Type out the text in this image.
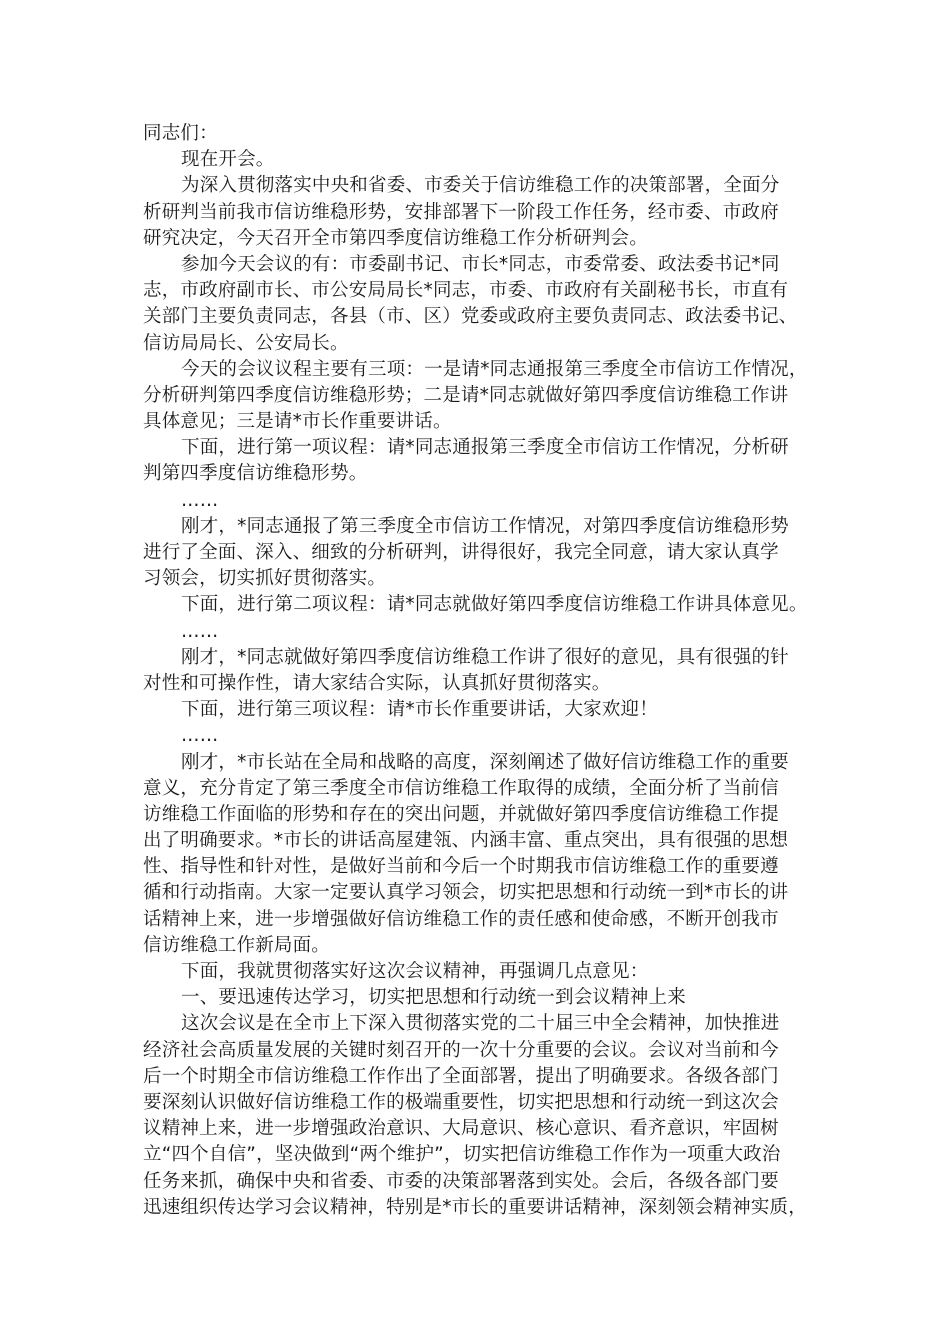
同志们：
现在开会。
为深入贯彻落实中央和省委、市委关于信访维稳工作的决策部署，全面分
析研判当前我市信访维稳形势，安排部署下一阶段工作任务，经市委、市政府
研究决定，今天召开全市第四季度信访维稳工作分析研判会。
参加今天会议的有：市委副书记、市长*同志，市委常委、政法委书记*同
志，市政府副市长、市公安局局长*同志，市委、市政府有关副秘书长，市直有
关部门主要负责同志，各县（市、区）党委或政府主要负责同志、政法委书记、
信访局局长、公安局长。
今天的会议议程主要有三项：一是请*同志通报第三季度全市信访工作情况，
分析研判第四季度信访维稳形势；二是请*同志就做好第四季度信访维稳工作讲
具体意见；三是请*市长作重要讲话。
下面，进行第一项议程：请*同志通报第三季度全市信访工作情况，分析研
判第四季度信访维稳形势。
……
刚才，*同志通报了第三季度全市信访工作情况，对第四季度信访维稳形势
进行了全面、深入、细致的分析研判，讲得很好，我完全同意，请大家认真学
习领会，切实抓好贯彻落实。
下面，进行第二项议程：请*同志就做好第四季度信访维稳工作讲具体意见。
……
刚才，*同志就做好第四季度信访维稳工作讲了很好的意见，具有很强的针
对性和可操作性，请大家结合实际，认真抓好贯彻落实。
下面，进行第三项议程：请*市长作重要讲话，大家欢迎！
……
刚才，*市长站在全局和战略的高度，深刻阐述了做好信访维稳工作的重要
意义，充分肯定了第三季度全市信访维稳工作取得的成绩，全面分析了当前信
访维稳工作面临的形势和存在的突出问题，并就做好第四季度信访维稳工作提
出了明确要求。*市长的讲话高屋建瓴、内涵丰富、重点突出，具有很强的思想
性、指导性和针对性，是做好当前和今后一个时期我市信访维稳工作的重要遵
循和行动指南。大家一定要认真学习领会，切实把思想和行动统一到*市长的讲
话精神上来，进一步增强做好信访维稳工作的责任感和使命感，不断开创我市
信访维稳工作新局面。
下面，我就贯彻落实好这次会议精神，再强调几点意见：
一、要迅速传达学习，切实把思想和行动统一到会议精神上来
这次会议是在全市上下深入贯彻落实党的二十届三中全会精神，加快推进
经济社会高质量发展的关键时刻召开的一次十分重要的会议。会议对当前和今
后一个时期全市信访维稳工作作出了全面部署，提出了明确要求。各级各部门
要深刻认识做好信访维稳工作的极端重要性，切实把思想和行动统一到这次会
议精神上来，进一步增强政治意识、大局意识、核心意识、看齐意识，牢固树
立“四个自信”，坚决做到“两个维护”，切实把信访维稳工作作为一项重大政治
任务来抓，确保中央和省委、市委的决策部署落到实处。会后，各级各部门要
迅速组织传达学习会议精神，特别是*市长的重要讲话精神，深刻领会精神实质，
